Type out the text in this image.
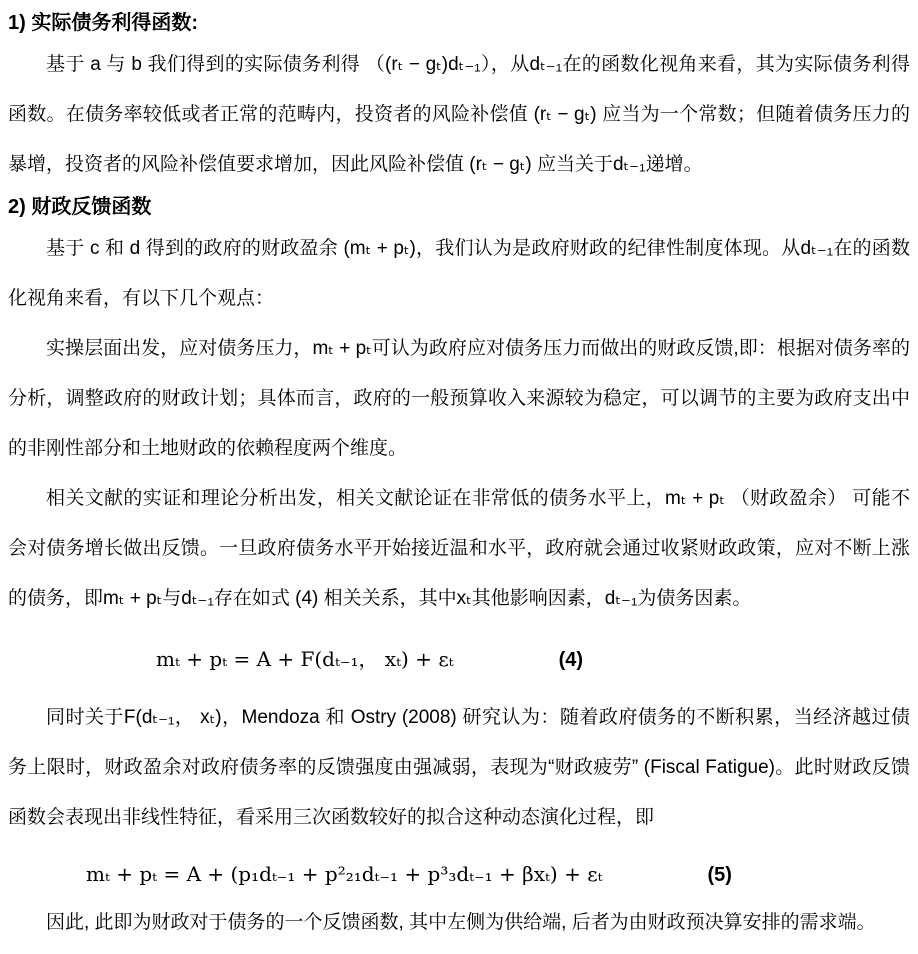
1) 实际债务利得函数:

基于 a 与 b 我们得到的实际债务利得 （(rₜ − gₜ)dₜ₋₁），从dₜ₋₁在的函数化视角来看，其为实际债务利得函数。在债务率较低或者正常的范畴内，投资者的风险补偿值 (rₜ − gₜ) 应当为一个常数；但随着债务压力的暴增，投资者的风险补偿值要求增加，因此风险补偿值 (rₜ − gₜ) 应当关于dₜ₋₁递增。

2) 财政反馈函数

基于 c 和 d 得到的政府的财政盈余 (mₜ + pₜ)，我们认为是政府财政的纪律性制度体现。从dₜ₋₁在的函数化视角来看，有以下几个观点：

实操层面出发，应对债务压力，mₜ + pₜ可认为政府应对债务压力而做出的财政反馈,即：根据对债务率的分析，调整政府的财政计划；具体而言，政府的一般预算收入来源较为稳定，可以调节的主要为政府支出中的非刚性部分和土地财政的依赖程度两个维度。

相关文献的实证和理论分析出发，相关文献论证在非常低的债务水平上，mₜ + pₜ （财政盈余） 可能不会对债务增长做出反馈。一旦政府债务水平开始接近温和水平，政府就会通过收紧财政政策，应对不断上涨的债务，即mₜ + pₜ与dₜ₋₁存在如式 (4) 相关关系，其中xₜ其他影响因素，dₜ₋₁为债务因素。

mₜ + pₜ = A + F(dₜ₋₁， xₜ) + εₜ	(4)

同时关于F(dₜ₋₁， xₜ)，Mendoza 和 Ostry (2008) 研究认为：随着政府债务的不断积累，当经济越过债务上限时，财政盈余对政府债务率的反馈强度由强减弱，表现为“财政疲劳” (Fiscal Fatigue)。此时财政反馈函数会表现出非线性特征，看采用三次函数较好的拟合这种动态演化过程，即

mₜ + pₜ = A + (p₁dₜ₋₁ + p²₂₁dₜ₋₁ + p³₃dₜ₋₁ + βxₜ) + εₜ	(5)

因此, 此即为财政对于债务的一个反馈函数, 其中左侧为供给端, 后者为由财政预决算安排的需求端。
